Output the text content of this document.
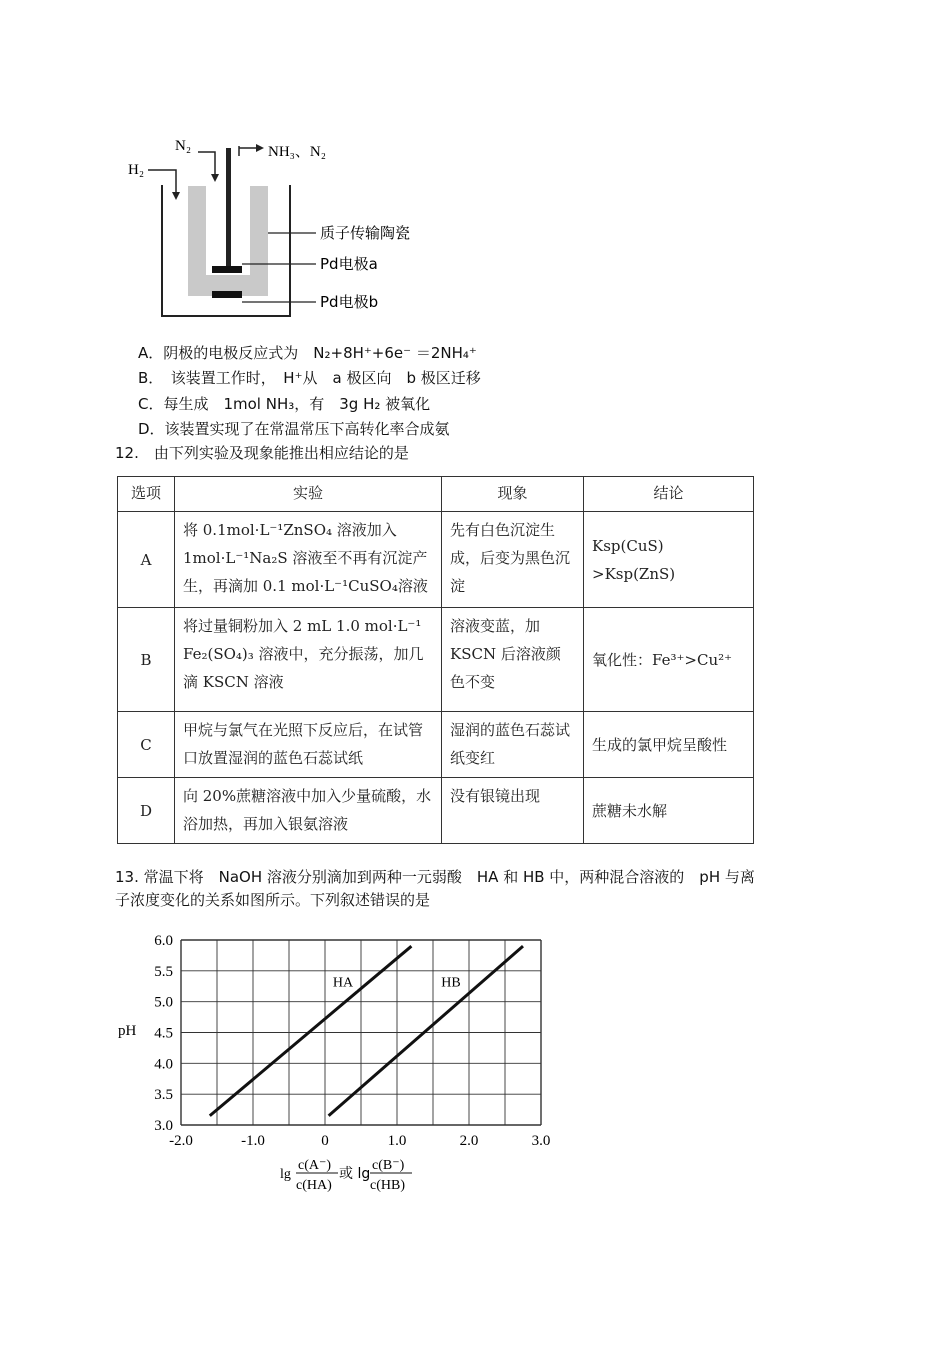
H₂
N₂	NH₃、N₂
质子传输陶瓷
Pd电极a
Pd电极b
A．阴极的电极反应式为　N₂+8H⁺+6e⁻ ＝2NH₄⁺
B．　该装置工作时，　H⁺从　a 极区向　b 极区迁移
C．每生成　1mol NH₃，有　3g H₂ 被氧化
D．该装置实现了在常温常压下高转化率合成氨
12.　由下列实验及现象能推出相应结论的是
选项	实验	现象	结论
A	将 0.1mol·L⁻¹ZnSO₄ 溶液加入 1mol·L⁻¹Na₂S 溶液至不再有沉淀产生，再滴加 0.1 mol·L⁻¹CuSO₄溶液	先有白色沉淀生成，后变为黑色沉淀	Ksp(CuS) >Ksp(ZnS)
B	将过量铜粉加入 2 mL 1.0 mol·L⁻¹ Fe₂(SO₄)₃ 溶液中，充分振荡，加几滴 KSCN 溶液	溶液变蓝，加 KSCN 后溶液颜色不变	氧化性：Fe³⁺>Cu²⁺
C	甲烷与氯气在光照下反应后，在试管口放置湿润的蓝色石蕊试纸	湿润的蓝色石蕊试纸变红	生成的氯甲烷呈酸性
D	向 20%蔗糖溶液中加入少量硫酸，水浴加热，再加入银氨溶液	没有银镜出现	蔗糖未水解
13. 常温下将　NaOH 溶液分别滴加到两种一元弱酸　HA 和 HB 中，两种混合溶液的　pH 与离
子浓度变化的关系如图所示。下列叙述错误的是
HA	HB
-2.0	-1.0	0	1.0	2.0	3.0
3.0
3.5
4.0
4.5
5.0
5.5
6.0
pH
lg
c(A⁻)
c(HA)
或 lg
c(B⁻)
c(HB)
